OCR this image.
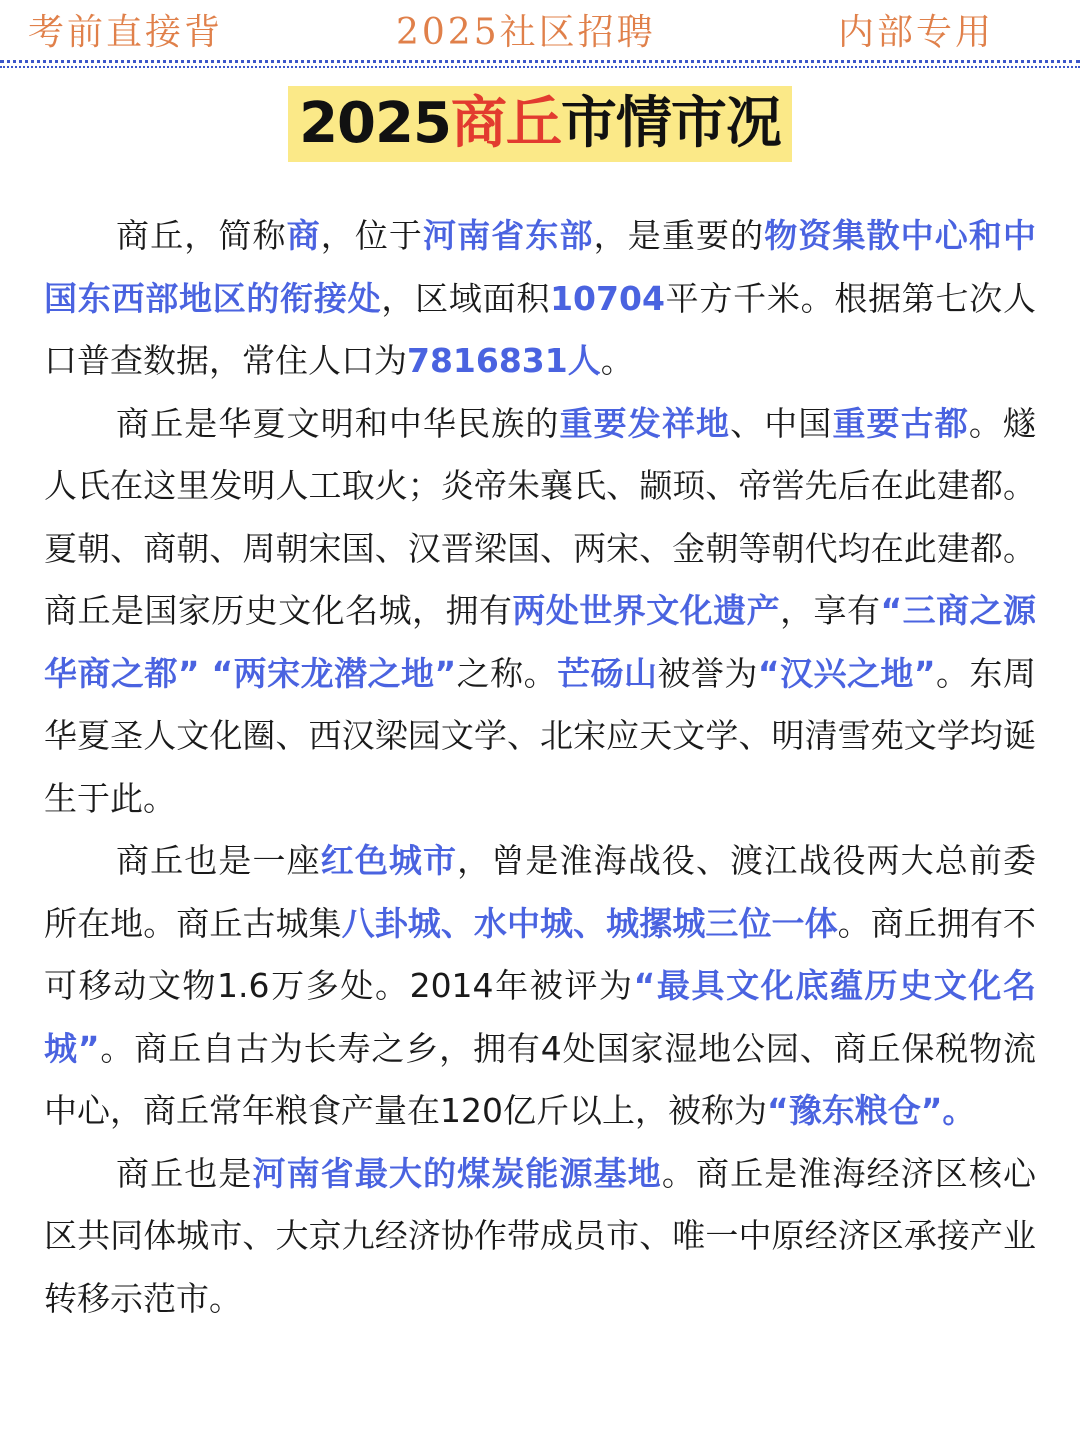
考前直接背	2025社区招聘	内部专用
2025商丘市情市况

商丘，简称商，位于河南省东部，是重要的物资集散中心和中国东西部地区的衔接处，区域面积10704平方千米。根据第七次人口普查数据，常住人口为7816831人。

商丘是华夏文明和中华民族的重要发祥地、中国重要古都。燧人氏在这里发明人工取火；炎帝朱襄氏、颛顼、帝喾先后在此建都。夏朝、商朝、周朝宋国、汉晋梁国、两宋、金朝等朝代均在此建都。商丘是国家历史文化名城，拥有两处世界文化遗产，享有“三商之源华商之都” “两宋龙潜之地”之称。芒砀山被誉为“汉兴之地”。东周华夏圣人文化圈、西汉梁园文学、北宋应天文学、明清雪苑文学均诞生于此。

商丘也是一座红色城市，曾是淮海战役、渡江战役两大总前委所在地。商丘古城集八卦城、水中城、城摞城三位一体。商丘拥有不可移动文物1.6万多处。2014年被评为“最具文化底蕴历史文化名城”。商丘自古为长寿之乡，拥有4处国家湿地公园、商丘保税物流中心，商丘常年粮食产量在120亿斤以上，被称为“豫东粮仓”。

商丘也是河南省最大的煤炭能源基地。商丘是淮海经济区核心区共同体城市、大京九经济协作带成员市、唯一中原经济区承接产业转移示范市。
